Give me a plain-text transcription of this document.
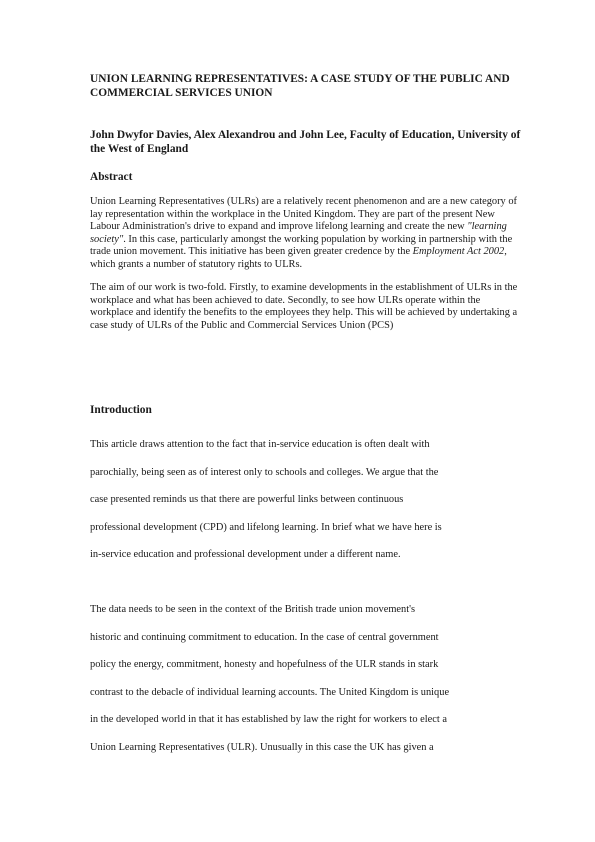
UNION LEARNING REPRESENTATIVES: A CASE STUDY OF THE PUBLIC AND COMMERCIAL SERVICES UNION

John Dwyfor Davies, Alex Alexandrou and John Lee, Faculty of Education, University of the West of England

Abstract

Union Learning Representatives (ULRs) are a relatively recent phenomenon and are a new category of lay representation within the workplace in the United Kingdom. They are part of the present New Labour Administration's drive to expand and improve lifelong learning and create the new "learning society". In this case, particularly amongst the working population by working in partnership with the trade union movement. This initiative has been given greater credence by the Employment Act 2002, which grants a number of statutory rights to ULRs.

The aim of our work is two-fold. Firstly, to examine developments in the establishment of ULRs in the workplace and what has been achieved to date. Secondly, to see how ULRs operate within the workplace and identify the benefits to the employees they help. This will be achieved by undertaking a case study of ULRs of the Public and Commercial Services Union (PCS)

Introduction

This article draws attention to the fact that in-service education is often dealt with
parochially, being seen as of interest only to schools and colleges. We argue that the
case presented reminds us that there are powerful links between continuous
professional development (CPD) and lifelong learning. In brief what we have here is
in-service education and professional development under a different name.

The data needs to be seen in the context of the British trade union movement's
historic and continuing commitment to education. In the case of central government
policy the energy, commitment, honesty and hopefulness of the ULR stands in stark
contrast to the debacle of individual learning accounts. The United Kingdom is unique
in the developed world in that it has established by law the right for workers to elect a
Union Learning Representatives (ULR). Unusually in this case the UK has given a
